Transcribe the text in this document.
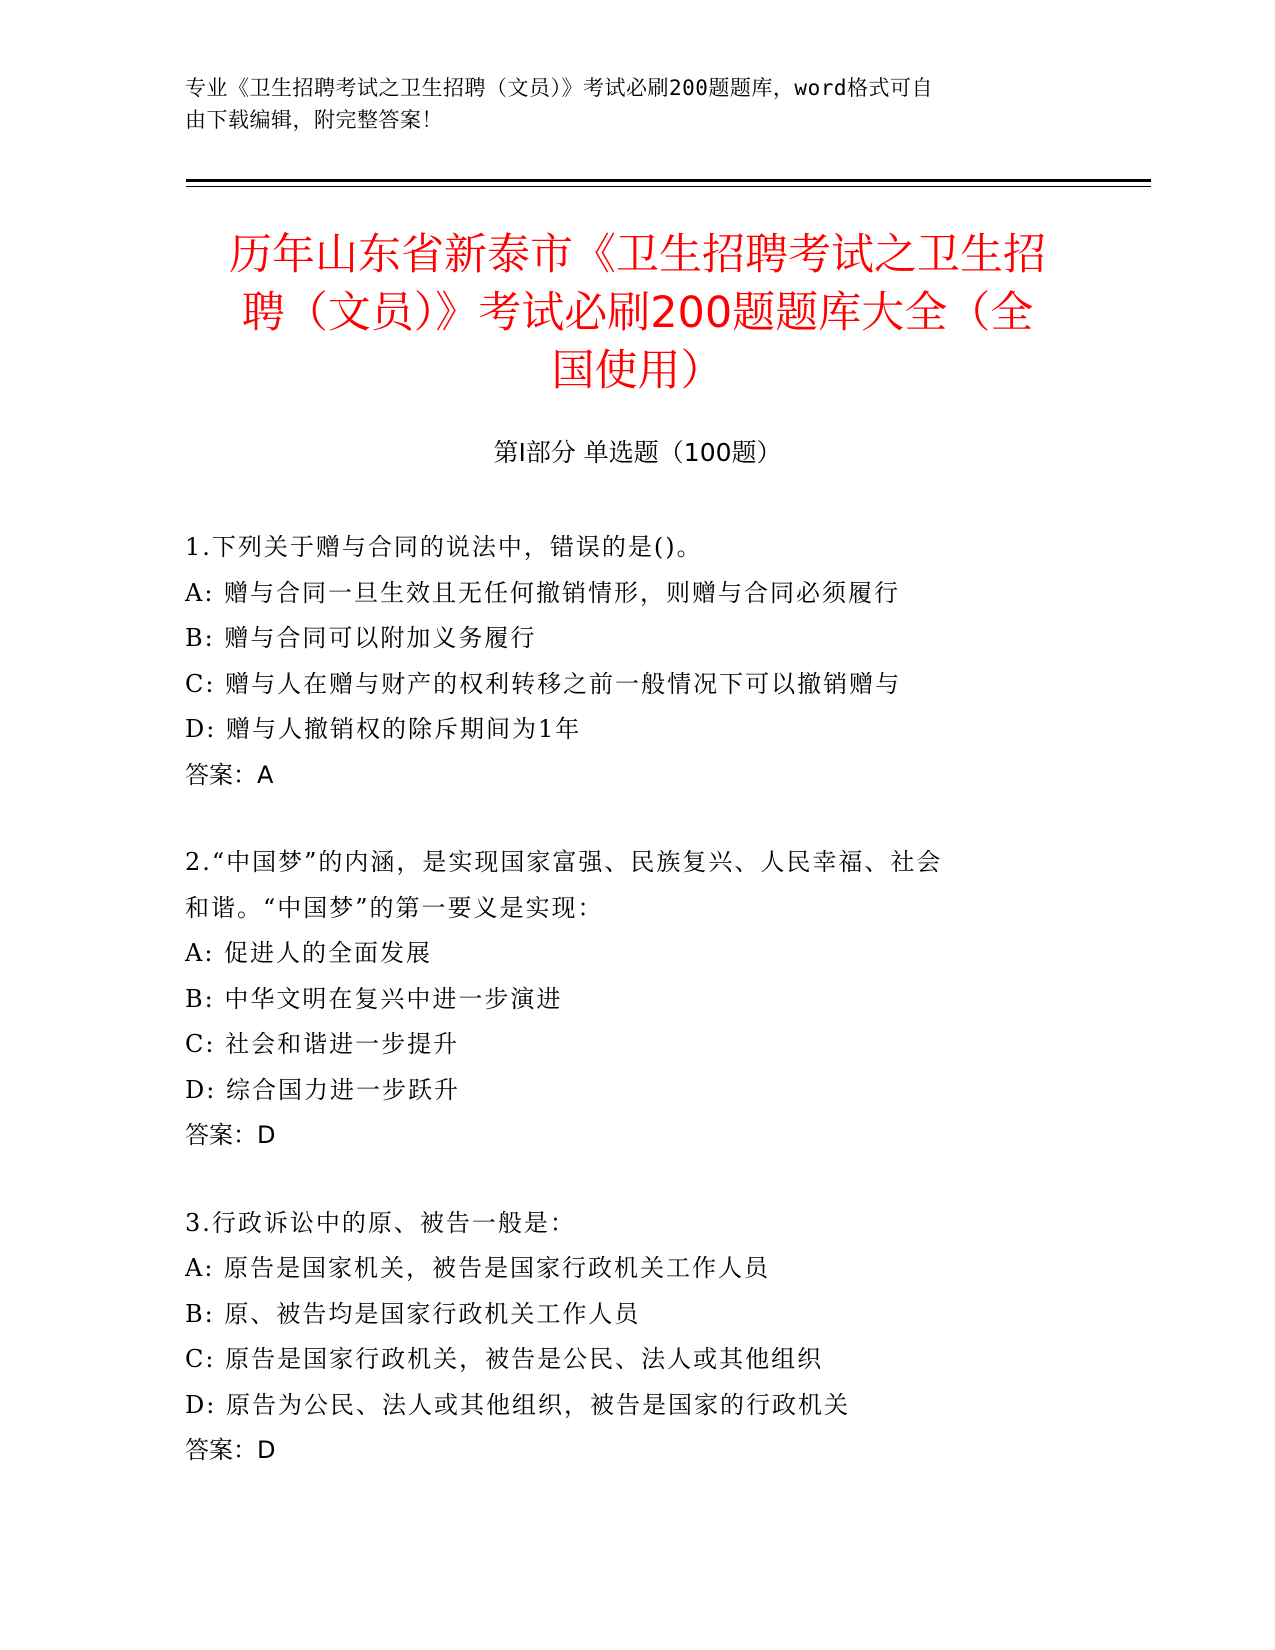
专业《卫生招聘考试之卫生招聘（文员）》考试必刷200题题库，word格式可自
由下载编辑，附完整答案！
历年山东省新泰市《卫生招聘考试之卫生招
聘（文员）》考试必刷200题题库大全（全
国使用）
第Ⅰ部分 单选题（100题）

1.下列关于赠与合同的说法中，错误的是()。

A: 赠与合同一旦生效且无任何撤销情形，则赠与合同必须履行

B: 赠与合同可以附加义务履行

C: 赠与人在赠与财产的权利转移之前一般情况下可以撤销赠与

D: 赠与人撤销权的除斥期间为1年

答案：A

2.“中国梦”的内涵，是实现国家富强、民族复兴、人民幸福、社会

和谐。“中国梦”的第一要义是实现：

A: 促进人的全面发展

B: 中华文明在复兴中进一步演进

C: 社会和谐进一步提升

D: 综合国力进一步跃升

答案：D

3.行政诉讼中的原、被告一般是：

A: 原告是国家机关，被告是国家行政机关工作人员

B: 原、被告均是国家行政机关工作人员

C: 原告是国家行政机关，被告是公民、法人或其他组织

D: 原告为公民、法人或其他组织，被告是国家的行政机关

答案：D
